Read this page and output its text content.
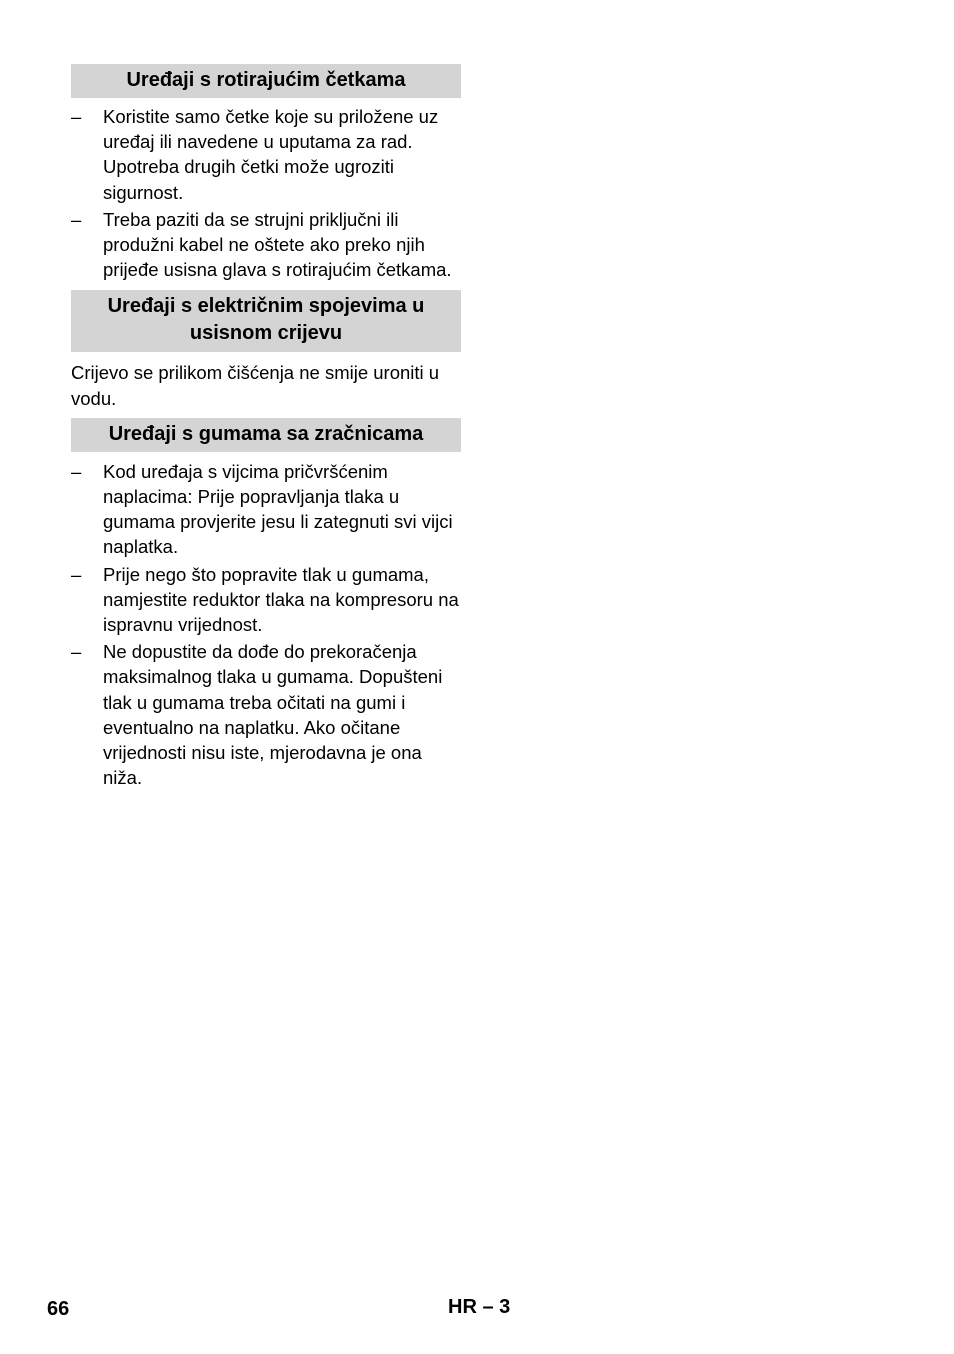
Uređaji s rotirajućim četkama
– Koristite samo četke koje su priložene uz uređaj ili navedene u uputama za rad. Upotreba drugih četki može ugroziti sigurnost.
– Treba paziti da se strujni priključni ili produžni kabel ne oštete ako preko njih prijeđe usisna glava s rotirajućim četkama.
Uređaji s električnim spojevima u usisnom crijevu
Crijevo se prilikom čišćenja ne smije uroniti u vodu.
Uređaji s gumama sa zračnicama
– Kod uređaja s vijcima pričvršćenim naplacima: Prije popravljanja tlaka u gumama provjerite jesu li zategnuti svi vijci naplatka.
– Prije nego što popravite tlak u gumama, namjestite reduktor tlaka na kompresoru na ispravnu vrijednost.
– Ne dopustite da dođe do prekoračenja maksimalnog tlaka u gumama. Dopušteni tlak u gumama treba očitati na gumi i eventualno na naplatku. Ako očitane vrijednosti nisu iste, mjerodavna je ona niža.
66	HR – 3
